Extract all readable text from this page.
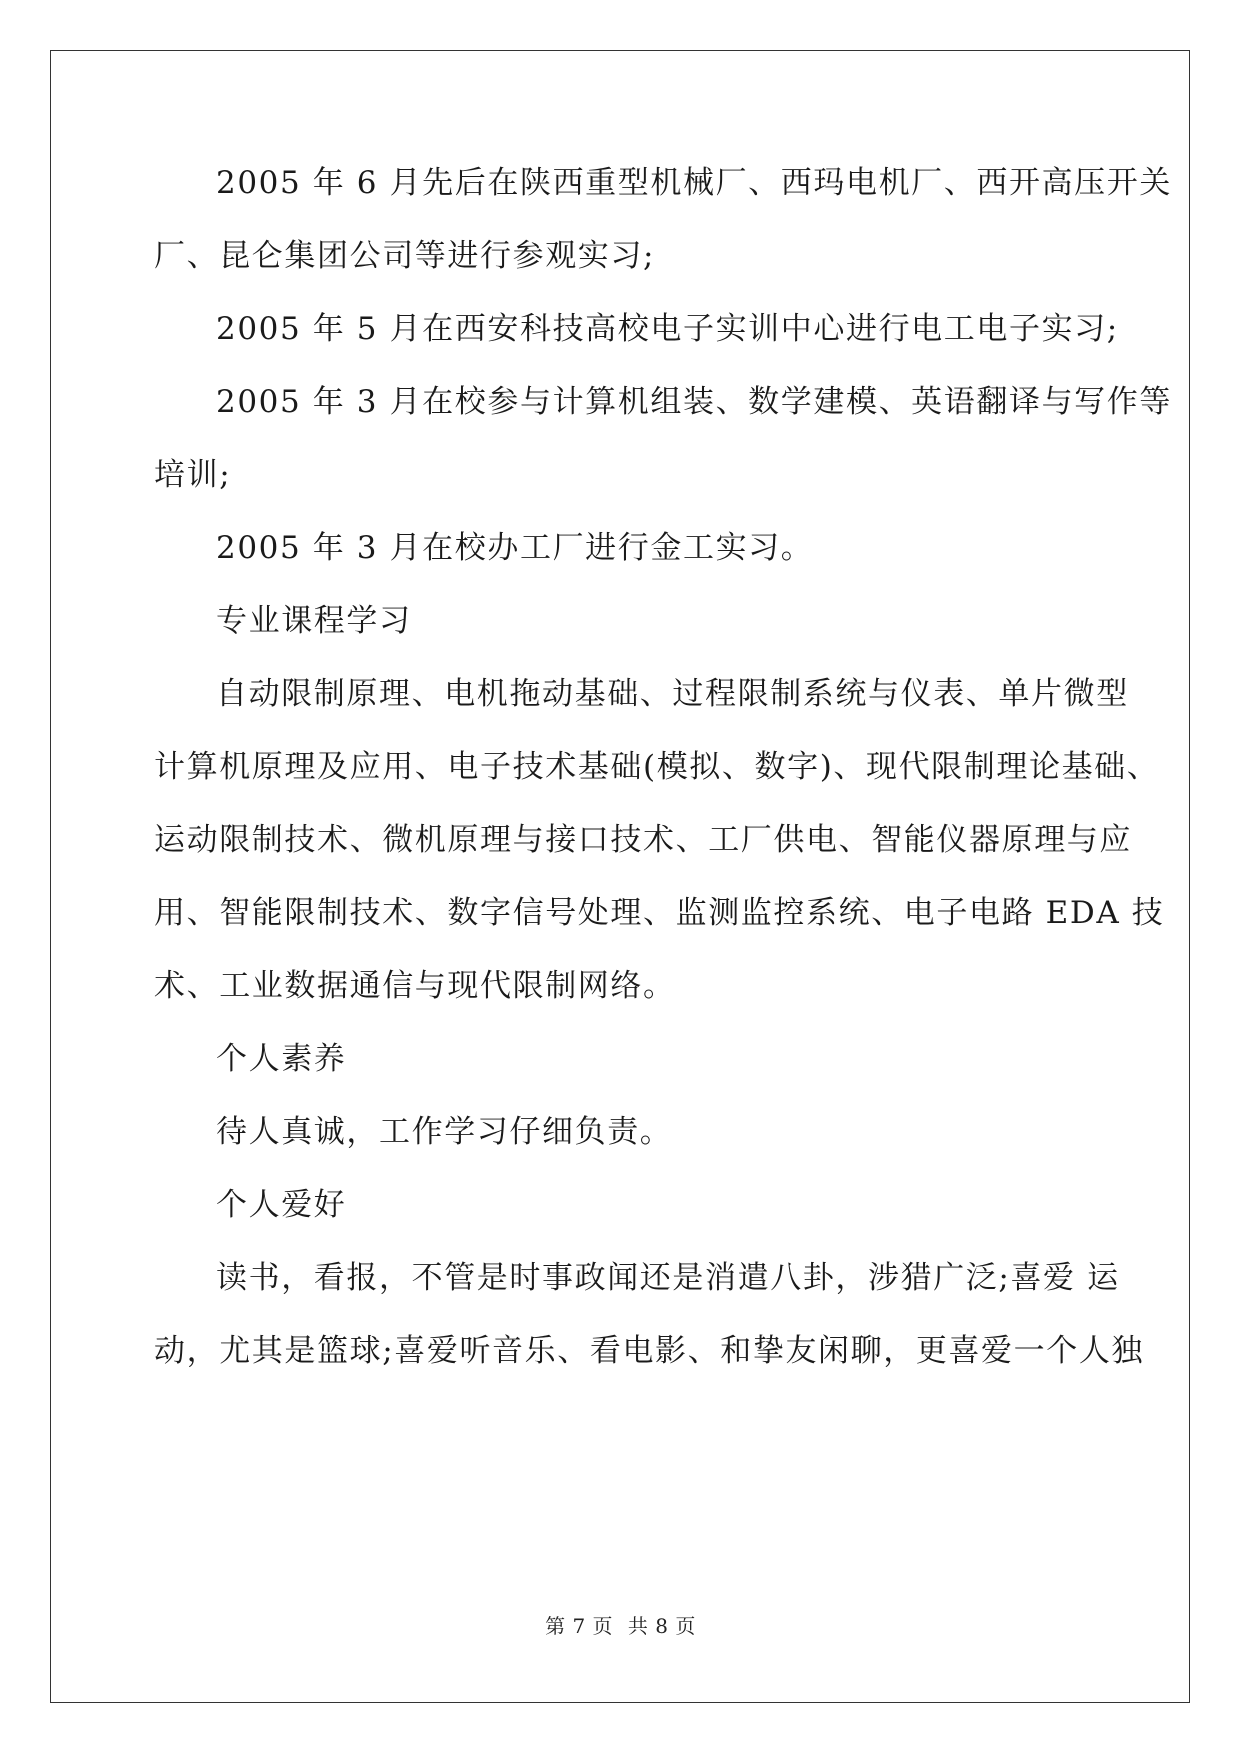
2005 年 6 月先后在陕西重型机械厂、西玛电机厂、西开高压开关
厂、昆仑集团公司等进行参观实习;
2005 年 5 月在西安科技高校电子实训中心进行电工电子实习;
2005 年 3 月在校参与计算机组装、数学建模、英语翻译与写作等
培训;
2005 年 3 月在校办工厂进行金工实习。
专业课程学习
自动限制原理、电机拖动基础、过程限制系统与仪表、单片微型
计算机原理及应用、电子技术基础(模拟、数字)、现代限制理论基础、
运动限制技术、微机原理与接口技术、工厂供电、智能仪器原理与应
用、智能限制技术、数字信号处理、监测监控系统、电子电路 EDA 技
术、工业数据通信与现代限制网络。
个人素养
待人真诚，工作学习仔细负责。
个人爱好
读书，看报，不管是时事政闻还是消遣八卦，涉猎广泛;喜爱 运
动，尤其是篮球;喜爱听音乐、看电影、和挚友闲聊，更喜爱一个人独
第 7 页 共 8 页
